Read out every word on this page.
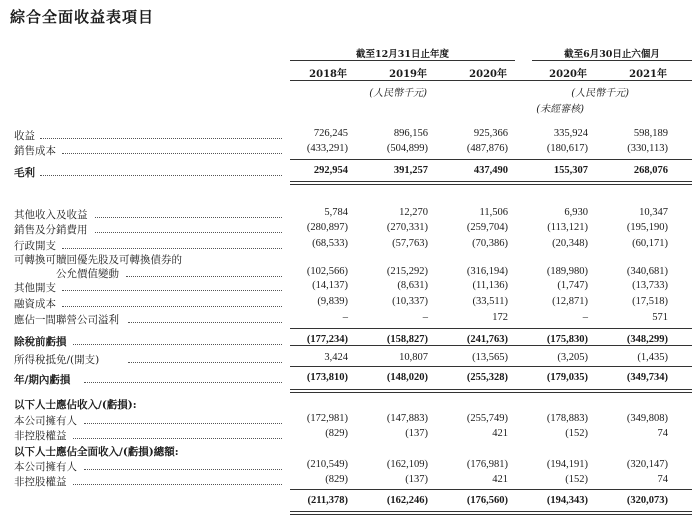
綜合全面收益表項目
截至12月31日止年度	截至6月30日止六個月
2018年	2019年	2020年	2020年	2021年
(人民幣千元)	(人民幣千元)
(未經審核)
收益	726,245	896,156	925,366	335,924	598,189
銷售成本	(433,291)	(504,899)	(487,876)	(180,617)	(330,113)
毛利	292,954	391,257	437,490	155,307	268,076
其他收入及收益	5,784	12,270	11,506	6,930	10,347
銷售及分銷費用	(280,897)	(270,331)	(259,704)	(113,121)	(195,190)
行政開支	(68,533)	(57,763)	(70,386)	(20,348)	(60,171)
可轉換可贖回優先股及可轉換債券的
公允價值變動	(102,566)	(215,292)	(316,194)	(189,980)	(340,681)
其他開支	(14,137)	(8,631)	(11,136)	(1,747)	(13,733)
融資成本	(9,839)	(10,337)	(33,511)	(12,871)	(17,518)
應佔一間聯營公司溢利	–	–	172	–	571
除稅前虧損	(177,234)	(158,827)	(241,763)	(175,830)	(348,299)
所得稅抵免/(開支)	3,424	10,807	(13,565)	(3,205)	(1,435)
年/期內虧損	(173,810)	(148,020)	(255,328)	(179,035)	(349,734)
以下人士應佔收入/(虧損):
本公司擁有人	(172,981)	(147,883)	(255,749)	(178,883)	(349,808)
非控股權益	(829)	(137)	421	(152)	74
以下人士應佔全面收入/(虧損)總額:
本公司擁有人	(210,549)	(162,109)	(176,981)	(194,191)	(320,147)
非控股權益	(829)	(137)	421	(152)	74
(211,378)	(162,246)	(176,560)	(194,343)	(320,073)
